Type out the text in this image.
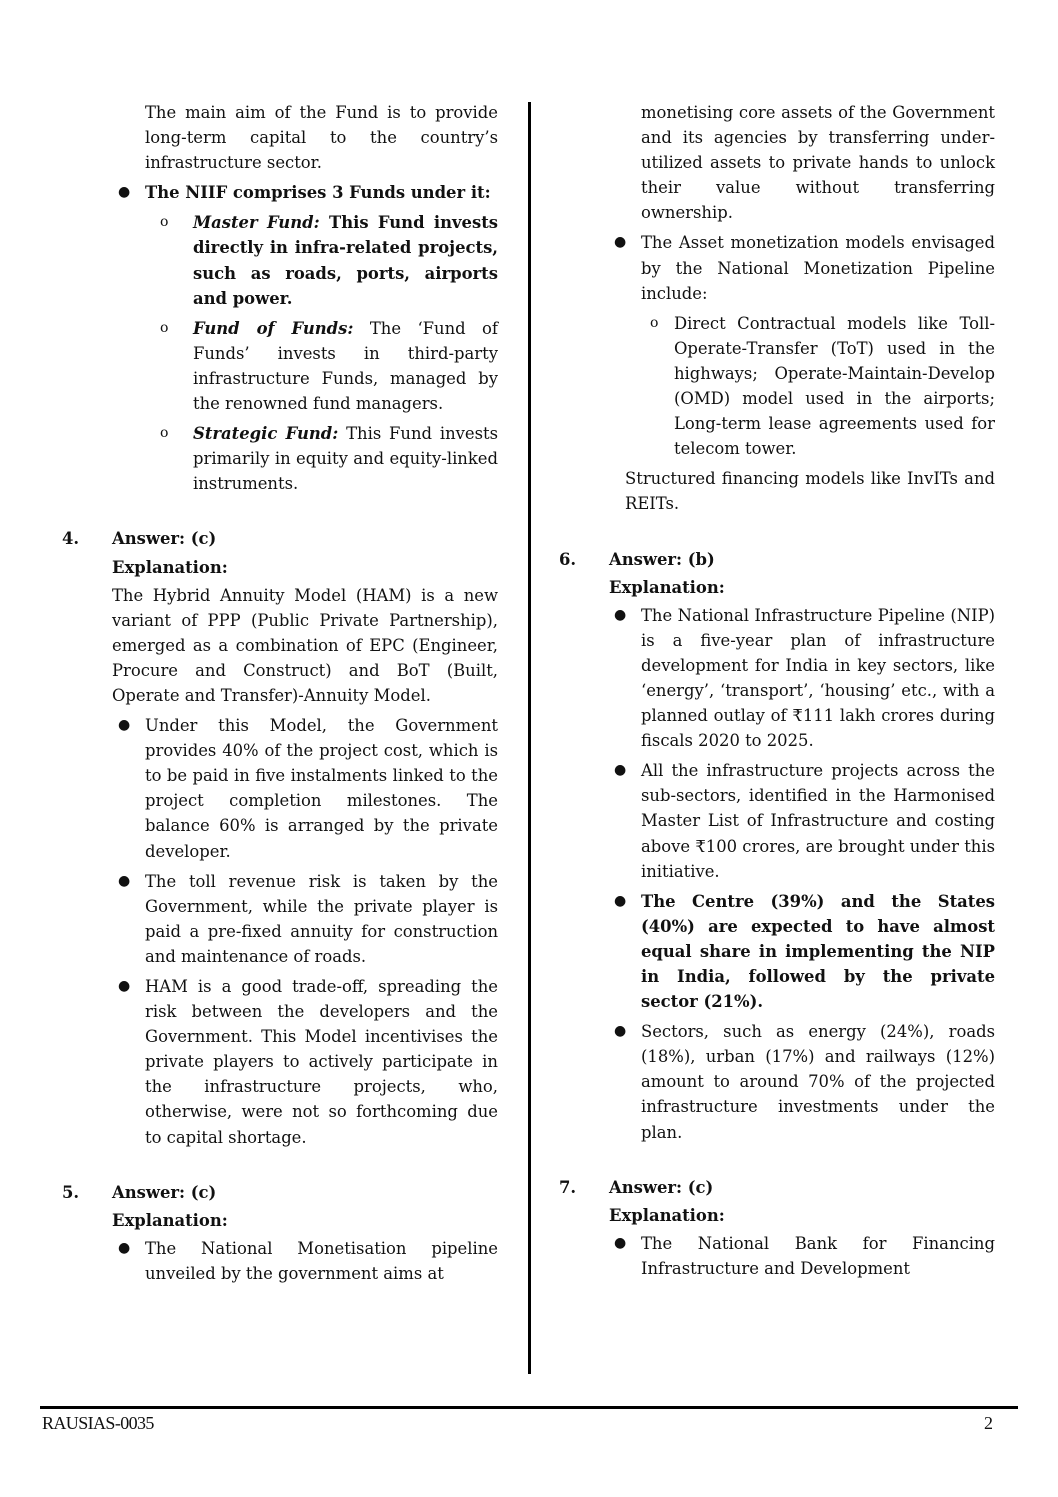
The main aim of the Fund is to provide long-term capital to the country’s infrastructure sector.

● The NIIF comprises 3 Funds under it:
o	Master Fund: This Fund invests directly in infra-related projects, such as roads, ports, airports and power.
o	Fund of Funds: The ‘Fund of Funds’ invests in third-party infrastructure Funds, managed by the renowned fund managers.
o	Strategic Fund: This Fund invests primarily in equity and equity-linked instruments.
4. Answer: (c)
Explanation:

The Hybrid Annuity Model (HAM) is a new variant of PPP (Public Private Partnership), emerged as a combination of EPC (Engineer, Procure and Construct) and BoT (Built, Operate and Transfer)-Annuity Model.

● Under this Model, the Government provides 40% of the project cost, which is to be paid in five instalments linked to the project completion milestones. The balance 60% is arranged by the private developer.
● The toll revenue risk is taken by the Government, while the private player is paid a pre-fixed annuity for construction and maintenance of roads.
● HAM is a good trade-off, spreading the risk between the developers and the Government. This Model incentivises the private players to actively participate in the infrastructure projects, who, otherwise, were not so forthcoming due to capital shortage.
5. Answer: (c)
Explanation:
● The National Monetisation pipeline unveiled by the government aims at

monetising core assets of the Government and its agencies by transferring under-utilized assets to private hands to unlock their value without transferring ownership.

● The Asset monetization models envisaged by the National Monetization Pipeline include:
o Direct Contractual models like Toll-Operate-Transfer (ToT) used in the highways; Operate-Maintain-Develop (OMD) model used in the airports; Long-term lease agreements used for telecom tower.

Structured financing models like InvITs and REITs.

6. Answer: (b)
Explanation:
● The National Infrastructure Pipeline (NIP) is a five-year plan of infrastructure development for India in key sectors, like ‘energy’, ‘transport’, ‘housing’ etc., with a planned outlay of ₹111 lakh crores during fiscals 2020 to 2025.
● All the infrastructure projects across the sub-sectors, identified in the Harmonised Master List of Infrastructure and costing above ₹100 crores, are brought under this initiative.
● The Centre (39%) and the States (40%) are expected to have almost equal share in implementing the NIP in India, followed by the private sector (21%).
● Sectors, such as energy (24%), roads (18%), urban (17%) and railways (12%) amount to around 70% of the projected infrastructure investments under the plan.
7. Answer: (c)
Explanation:
● The National Bank for Financing Infrastructure and Development
RAUSIAS-0035	2
